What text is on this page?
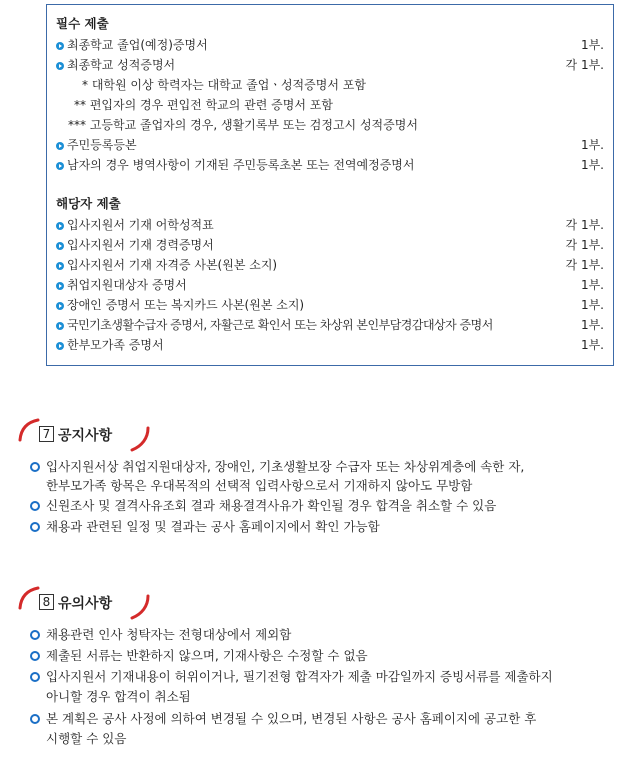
필수 제출
최종학교 졸업(예정)증명서	1부.
최종학교 성적증명서	각 1부.
* 대학원 이상 학력자는 대학교 졸업ㆍ성적증명서 포함
** 편입자의 경우 편입전 학교의 관련 증명서 포함
*** 고등학교 졸업자의 경우, 생활기록부 또는 검정고시 성적증명서
주민등록등본	1부.
남자의 경우 병역사항이 기재된 주민등록초본 또는 전역예정증명서	1부.
해당자 제출
입사지원서 기재 어학성적표	각 1부.
입사지원서 기재 경력증명서	각 1부.
입사지원서 기재 자격증 사본(원본 소지)	각 1부.
취업지원대상자 증명서	1부.
장애인 증명서 또는 복지카드 사본(원본 소지)	1부.
국민기초생활수급자 증명서, 자활근로 확인서 또는 차상위 본인부담경감대상자 증명서	1부.
한부모가족 증명서	1부.
7 공지사항
입사지원서상 취업지원대상자, 장애인, 기초생활보장 수급자 또는 차상위계층에 속한 자,
한부모가족 항목은 우대목적의 선택적 입력사항으로서 기재하지 않아도 무방함
신원조사 및 결격사유조회 결과 채용결격사유가 확인될 경우 합격을 취소할 수 있음
채용과 관련된 일정 및 결과는 공사 홈페이지에서 확인 가능함
8 유의사항
채용관련 인사 청탁자는 전형대상에서 제외함
제출된 서류는 반환하지 않으며, 기재사항은 수정할 수 없음
입사지원서 기재내용이 허위이거나, 필기전형 합격자가 제출 마감일까지 증빙서류를 제출하지
아니할 경우 합격이 취소됨
본 계획은 공사 사정에 의하여 변경될 수 있으며, 변경된 사항은 공사 홈페이지에 공고한 후
시행할 수 있음
